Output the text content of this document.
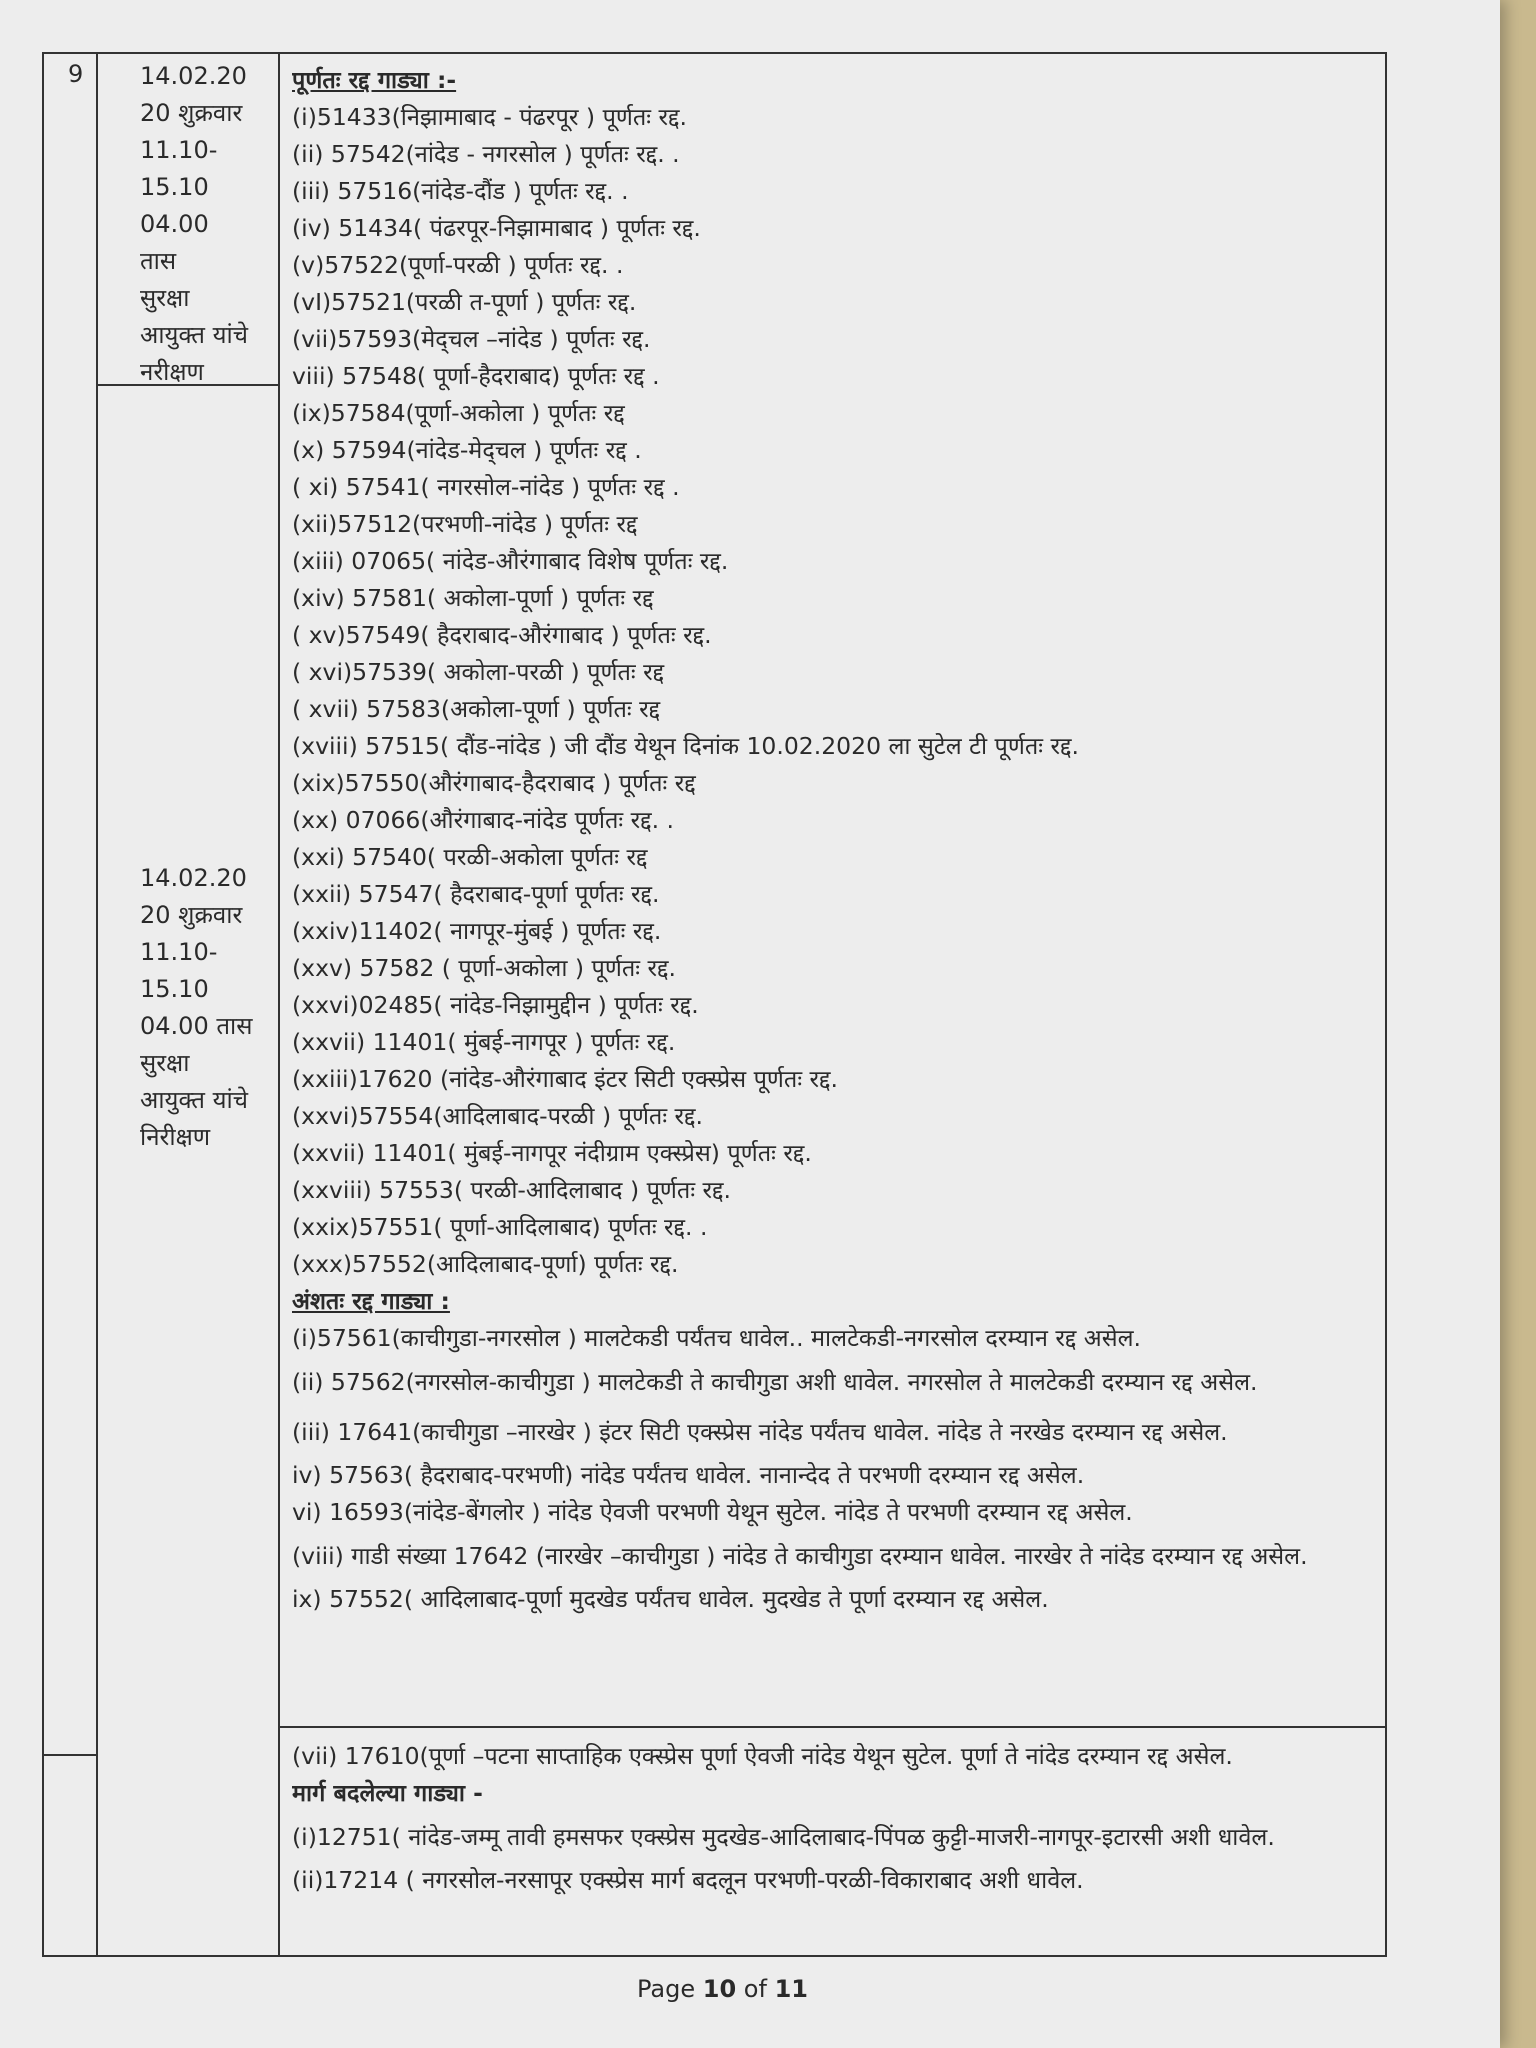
9 14.02.20
20 शुक्रवार
11.10-
15.10
04.00
तास
सुरक्षा
आयुक्त यांचे
नरीक्षण
14.02.20
20 शुक्रवार
11.10-
15.10
04.00 तास
सुरक्षा
आयुक्त यांचे
निरीक्षण
पूर्णतः रद्द गाड्या :-
(i)51433(निझामाबाद - पंढरपूर ) पूर्णतः रद्द.
(ii) 57542(नांदेड - नगरसोल ) पूर्णतः रद्द. .
(iii) 57516(नांदेड-दौंड ) पूर्णतः रद्द. .
(iv) 51434( पंढरपूर-निझामाबाद ) पूर्णतः रद्द.
(v)57522(पूर्णा-परळी ) पूर्णतः रद्द. .
(vI)57521(परळी त-पूर्णा ) पूर्णतः रद्द.
(vii)57593(मेद्चल –नांदेड ) पूर्णतः रद्द.
viii) 57548( पूर्णा-हैदराबाद) पूर्णतः रद्द .
(ix)57584(पूर्णा-अकोला ) पूर्णतः रद्द
(x) 57594(नांदेड-मेद्चल ) पूर्णतः रद्द .
( xi) 57541( नगरसोल-नांदेड ) पूर्णतः रद्द .
(xii)57512(परभणी-नांदेड ) पूर्णतः रद्द
(xiii) 07065( नांदेड-औरंगाबाद विशेष पूर्णतः रद्द.
(xiv) 57581( अकोला-पूर्णा ) पूर्णतः रद्द
( xv)57549( हैदराबाद-औरंगाबाद ) पूर्णतः रद्द.
( xvi)57539( अकोला-परळी ) पूर्णतः रद्द
( xvii) 57583(अकोला-पूर्णा ) पूर्णतः रद्द
(xviii) 57515( दौंड-नांदेड ) जी दौंड येथून दिनांक 10.02.2020 ला सुटेल टी पूर्णतः रद्द.
(xix)57550(औरंगाबाद-हैदराबाद ) पूर्णतः रद्द
(xx) 07066(औरंगाबाद-नांदेड पूर्णतः रद्द. .
(xxi) 57540( परळी-अकोला पूर्णतः रद्द
(xxii) 57547( हैदराबाद-पूर्णा पूर्णतः रद्द.
(xxiv)11402( नागपूर-मुंबई ) पूर्णतः रद्द.
(xxv) 57582 ( पूर्णा-अकोला ) पूर्णतः रद्द.
(xxvi)02485( नांदेड-निझामुद्दीन ) पूर्णतः रद्द.
(xxvii) 11401( मुंबई-नागपूर ) पूर्णतः रद्द.
(xxiii)17620 (नांदेड-औरंगाबाद इंटर सिटी एक्स्प्रेस पूर्णतः रद्द.
(xxvi)57554(आदिलाबाद-परळी ) पूर्णतः रद्द.
(xxvii) 11401( मुंबई-नागपूर नंदीग्राम एक्स्प्रेस) पूर्णतः रद्द.
(xxviii) 57553( परळी-आदिलाबाद ) पूर्णतः रद्द.
(xxix)57551( पूर्णा-आदिलाबाद) पूर्णतः रद्द. .
(xxx)57552(आदिलाबाद-पूर्णा) पूर्णतः रद्द.
अंशतः रद्द गाड्या :
(i)57561(काचीगुडा-नगरसोल ) मालटेकडी पर्यंतच धावेल.. मालटेकडी-नगरसोल दरम्यान रद्द असेल.
(ii) 57562(नगरसोल-काचीगुडा ) मालटेकडी ते काचीगुडा अशी धावेल. नगरसोल ते मालटेकडी दरम्यान रद्द असेल.
(iii) 17641(काचीगुडा –नारखेर ) इंटर सिटी एक्स्प्रेस नांदेड पर्यंतच धावेल. नांदेड ते नरखेड दरम्यान रद्द असेल.
iv) 57563( हैदराबाद-परभणी) नांदेड पर्यंतच धावेल. नानान्देद ते परभणी दरम्यान रद्द असेल.
vi) 16593(नांदेड-बेंगलोर ) नांदेड ऐवजी परभणी येथून सुटेल. नांदेड ते परभणी दरम्यान रद्द असेल.
(viii) गाडी संख्या 17642 (नारखेर –काचीगुडा ) नांदेड ते काचीगुडा दरम्यान धावेल. नारखेर ते नांदेड दरम्यान रद्द असेल.
ix) 57552( आदिलाबाद-पूर्णा मुदखेड पर्यंतच धावेल. मुदखेड ते पूर्णा दरम्यान रद्द असेल.
(vii) 17610(पूर्णा –पटना साप्ताहिक एक्स्प्रेस पूर्णा ऐवजी नांदेड येथून सुटेल. पूर्णा ते नांदेड दरम्यान रद्द असेल.
मार्ग बदलेल्या गाड्या -
(i)12751( नांदेड-जम्मू तावी हमसफर एक्स्प्रेस मुदखेड-आदिलाबाद-पिंपळ कुट्टी-माजरी-नागपूर-इटारसी अशी धावेल.
(ii)17214 ( नगरसोल-नरसापूर एक्स्प्रेस मार्ग बदलून परभणी-परळी-विकाराबाद अशी धावेल.
Page 10 of 11
